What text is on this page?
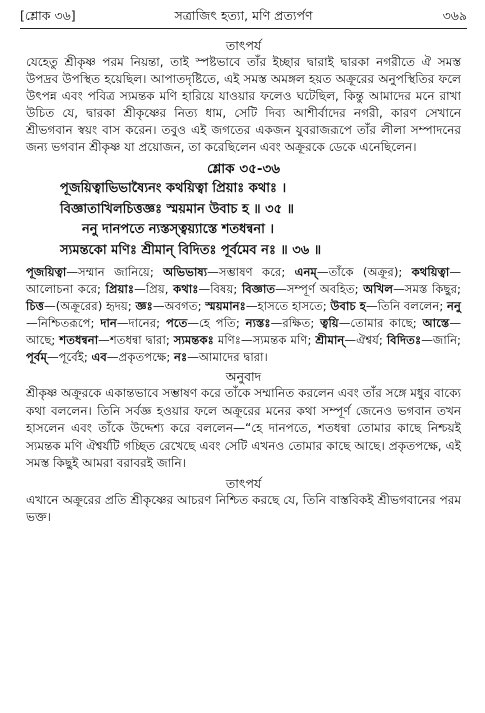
[শ্লোক ৩৬]	সত্রাজিৎ হত্যা, মণি প্রত্যর্পণ	৩৬৯
তাৎপর্য

যেহেতু শ্রীকৃষ্ণ পরম নিয়ন্তা, তাই স্পষ্টভাবে তাঁর ইচ্ছার দ্বারাই দ্বারকা নগরীতে ঐ সমস্ত উপদ্রব উপস্থিত হয়েছিল। আপাতদৃষ্টিতে, এই সমস্ত অমঙ্গল হয়ত অক্রূরের অনুপস্থিতির ফলে উৎপন্ন এবং পবিত্র স্যমন্তক মণি হারিয়ে যাওয়ার ফলেও ঘটেছিল, কিন্তু আমাদের মনে রাখা উচিত যে, দ্বারকা শ্রীকৃষ্ণের নিত্য ধাম, সেটি দিব্য আশীর্বাদের নগরী, কারণ সেখানে শ্রীভগবান স্বয়ং বাস করেন। তবুও এই জগতের একজন যুবরাজরূপে তাঁর লীলা সম্পাদনের জন্য ভগবান শ্রীকৃষ্ণ যা প্রয়োজন, তা করেছিলেন এবং অক্রূরকে ডেকে এনেছিলেন।

শ্লোক ৩৫-৩৬
পূজয়িত্বাভিভাষ্যৈনং কথয়িত্বা প্রিয়াঃ কথাঃ ।
বিজ্ঞাতাখিলচিত্তজ্ঞঃ স্ময়মান উবাচ হ ॥ ৩৫ ॥
ননু দানপতে ন্যস্তস্ত্বয়্যাস্তে শতধন্বনা ।
স্যমন্তকো মণিঃ শ্রীমান্ বিদিতঃ পূর্বমেব নঃ ॥ ৩৬ ॥
পূজয়িত্বা—সম্মান জানিয়ে; অভিভাষ্য—সম্ভাষণ করে; এনম্—তাঁকে (অক্রূর); কথয়িত্বা—আলোচনা করে; প্রিয়াঃ—প্রিয়, কথাঃ—বিষয়; বিজ্ঞাত—সম্পূর্ণ অবহিত; অখিল—সমস্ত কিছুর; চিত্ত—(অক্রূরের) হৃদয়; জ্ঞঃ—অবগত; স্ময়মানঃ—হাসতে হাসতে; উবাচ হ—তিনি বললেন; ননু—নিশ্চিতরূপে; দান—দানের; পতে—হে পতি; ন্যস্তঃ—রক্ষিত; ত্বয়ি—তোমার কাছে; আস্তে—আছে; শতধন্বনা—শতধন্বা দ্বারা; স্যমন্তকঃ মণিঃ—স্যমন্তক মণি; শ্রীমান্—ঐশ্বর্য; বিদিতঃ—জানি; পূর্বম্—পূর্বেই; এব—প্রকৃতপক্ষে; নঃ—আমাদের দ্বারা।
অনুবাদ

শ্রীকৃষ্ণ অক্রূরকে একান্তভাবে সম্ভাষণ করে তাঁকে সম্মানিত করলেন এবং তাঁর সঙ্গে মধুর বাক্যে কথা বললেন। তিনি সর্বজ্ঞ হওয়ার ফলে অক্রূরের মনের কথা সম্পূর্ণ জেনেও ভগবান তখন হাসলেন এবং তাঁকে উদ্দেশ্য করে বললেন—“হে দানপতে, শতধন্বা তোমার কাছে নিশ্চয়ই স্যমন্তক মণি ঐশ্বর্যটি গচ্ছিত রেখেছে এবং সেটি এখনও তোমার কাছে আছে। প্রকৃতপক্ষে, এই সমস্ত কিছুই আমরা বরাবরই জানি।

তাৎপর্য

এখানে অক্রূরের প্রতি শ্রীকৃষ্ণের আচরণ নিশ্চিত করছে যে, তিনি বাস্তবিকই শ্রীভগবানের পরম ভক্ত।
